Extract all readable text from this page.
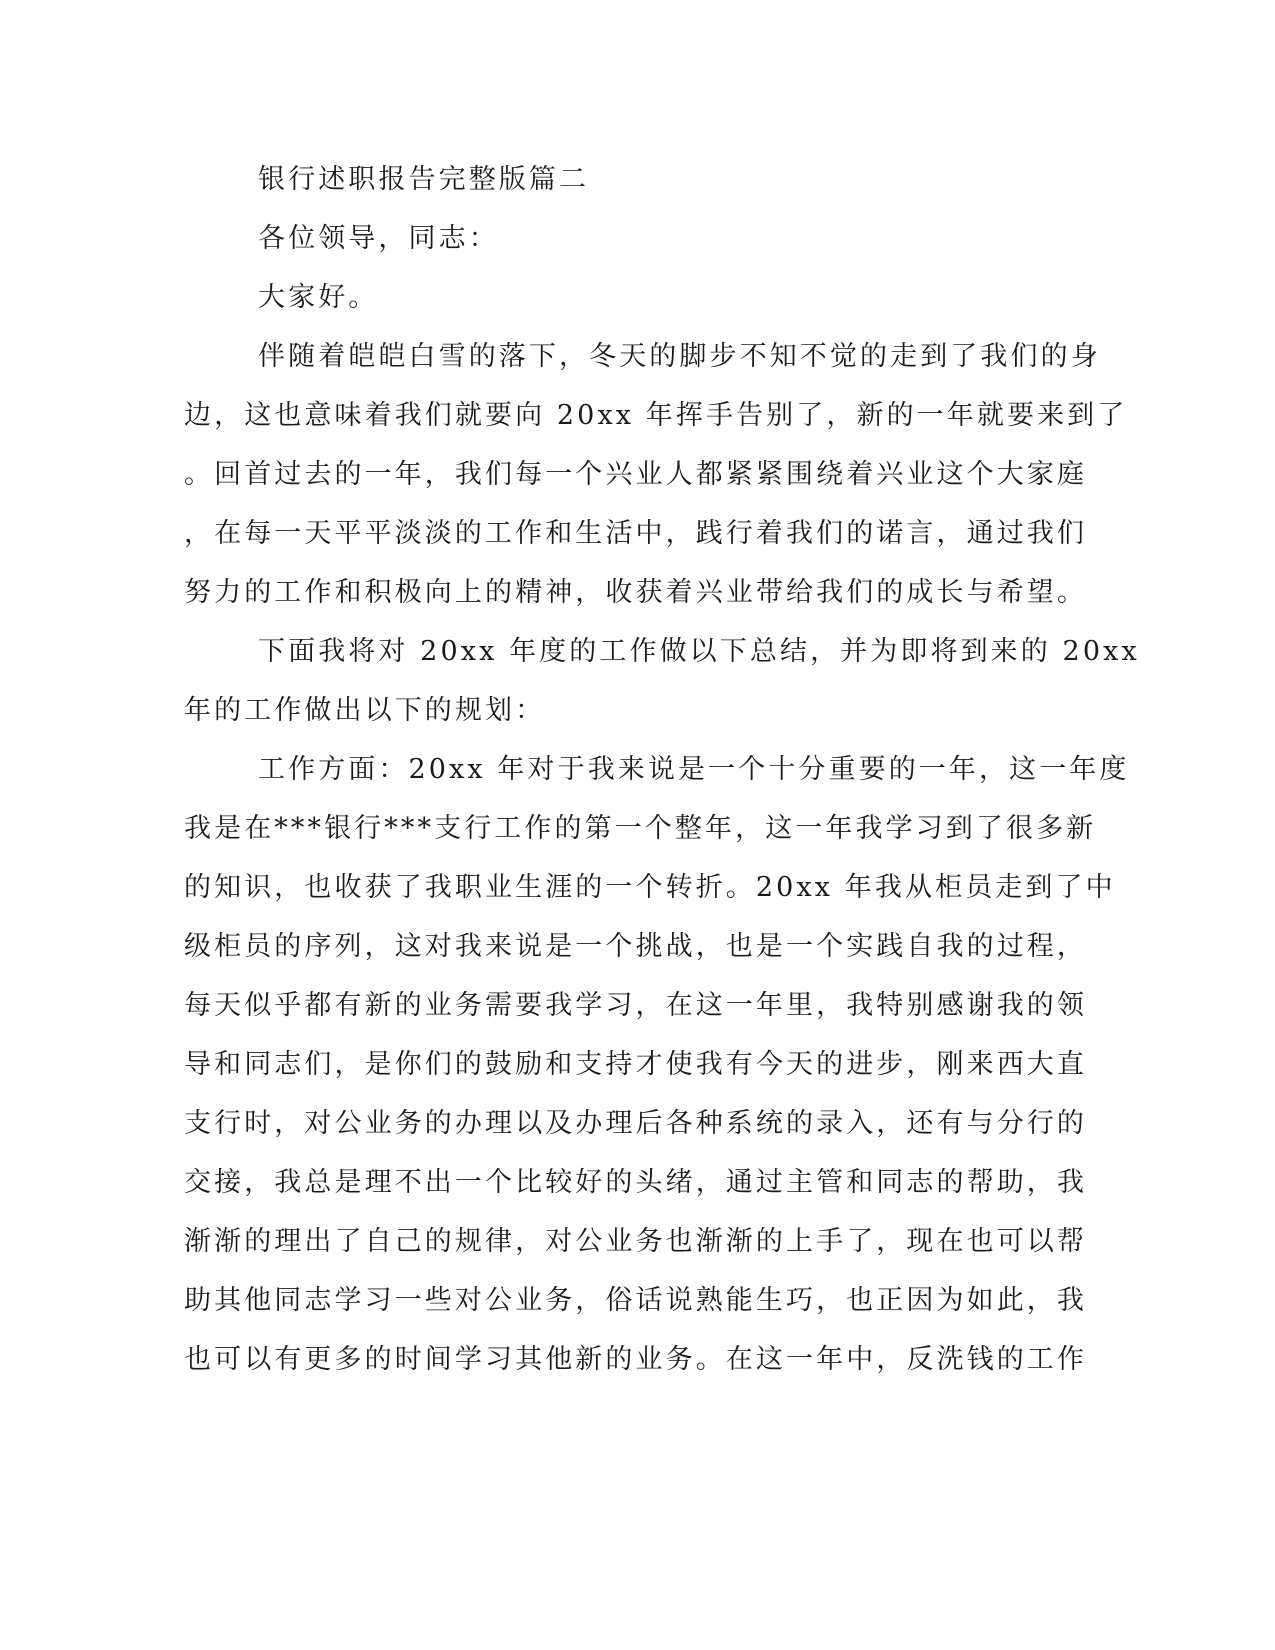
银行述职报告完整版篇二
各位领导，同志：
大家好。
伴随着皑皑白雪的落下，冬天的脚步不知不觉的走到了我们的身
边，这也意味着我们就要向 20xx 年挥手告别了，新的一年就要来到了
。回首过去的一年，我们每一个兴业人都紧紧围绕着兴业这个大家庭
，在每一天平平淡淡的工作和生活中，践行着我们的诺言，通过我们
努力的工作和积极向上的精神，收获着兴业带给我们的成长与希望。
下面我将对 20xx 年度的工作做以下总结，并为即将到来的 20xx
年的工作做出以下的规划：
工作方面：20xx 年对于我来说是一个十分重要的一年，这一年度
我是在***银行***支行工作的第一个整年，这一年我学习到了很多新
的知识，也收获了我职业生涯的一个转折。20xx 年我从柜员走到了中
级柜员的序列，这对我来说是一个挑战，也是一个实践自我的过程，
每天似乎都有新的业务需要我学习，在这一年里，我特别感谢我的领
导和同志们，是你们的鼓励和支持才使我有今天的进步，刚来西大直
支行时，对公业务的办理以及办理后各种系统的录入，还有与分行的
交接，我总是理不出一个比较好的头绪，通过主管和同志的帮助，我
渐渐的理出了自己的规律，对公业务也渐渐的上手了，现在也可以帮
助其他同志学习一些对公业务，俗话说熟能生巧，也正因为如此，我
也可以有更多的时间学习其他新的业务。在这一年中，反洗钱的工作
